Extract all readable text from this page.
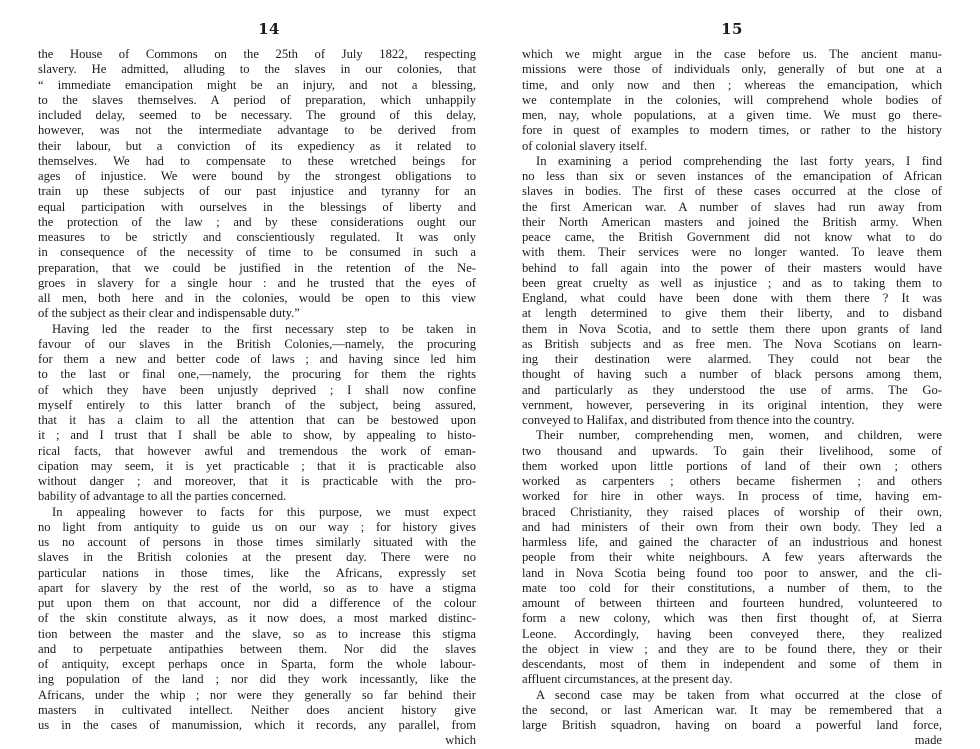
14
the House of Commons on the 25th of July 1822, respecting
slavery. He admitted, alluding to the slaves in our colonies, that
“ immediate emancipation might be an injury, and not a blessing,
to the slaves themselves. A period of preparation, which unhappily
included delay, seemed to be necessary. The ground of this delay,
however, was not the intermediate advantage to be derived from
their labour, but a conviction of its expediency as it related to
themselves. We had to compensate to these wretched beings for
ages of injustice. We were bound by the strongest obligations to
train up these subjects of our past injustice and tyranny for an
equal participation with ourselves in the blessings of liberty and
the protection of the law ; and by these considerations ought our
measures to be strictly and conscientiously regulated. It was only
in consequence of the necessity of time to be consumed in such a
preparation, that we could be justified in the retention of the Ne-
groes in slavery for a single hour : and he trusted that the eyes of
all men, both here and in the colonies, would be open to this view
of the subject as their clear and indispensable duty.”
Having led the reader to the first necessary step to be taken in
favour of our slaves in the British Colonies,—namely, the procuring
for them a new and better code of laws ; and having since led him
to the last or final one,—namely, the procuring for them the rights
of which they have been unjustly deprived ; I shall now confine
myself entirely to this latter branch of the subject, being assured,
that it has a claim to all the attention that can be bestowed upon
it ; and I trust that I shall be able to show, by appealing to histo-
rical facts, that however awful and tremendous the work of eman-
cipation may seem, it is yet practicable ; that it is practicable also
without danger ; and moreover, that it is practicable with the pro-
bability of advantage to all the parties concerned.
In appealing however to facts for this purpose, we must expect
no light from antiquity to guide us on our way ; for history gives
us no account of persons in those times similarly situated with the
slaves in the British colonies at the present day. There were no
particular nations in those times, like the Africans, expressly set
apart for slavery by the rest of the world, so as to have a stigma
put upon them on that account, nor did a difference of the colour
of the skin constitute always, as it now does, a most marked distinc-
tion between the master and the slave, so as to increase this stigma
and to perpetuate antipathies between them. Nor did the slaves
of antiquity, except perhaps once in Sparta, form the whole labour-
ing population of the land ; nor did they work incessantly, like the
Africans, under the whip ; nor were they generally so far behind their
masters in cultivated intellect. Neither does ancient history give
us in the cases of manumission, which it records, any parallel, from
which
15
which we might argue in the case before us. The ancient manu-
missions were those of individuals only, generally of but one at a
time, and only now and then ; whereas the emancipation, which
we contemplate in the colonies, will comprehend whole bodies of
men, nay, whole populations, at a given time. We must go there-
fore in quest of examples to modern times, or rather to the history
of colonial slavery itself.
In examining a period comprehending the last forty years, I find
no less than six or seven instances of the emancipation of African
slaves in bodies. The first of these cases occurred at the close of
the first American war. A number of slaves had run away from
their North American masters and joined the British army. When
peace came, the British Government did not know what to do
with them. Their services were no longer wanted. To leave them
behind to fall again into the power of their masters would have
been great cruelty as well as injustice ; and as to taking them to
England, what could have been done with them there ? It was
at length determined to give them their liberty, and to disband
them in Nova Scotia, and to settle them there upon grants of land
as British subjects and as free men. The Nova Scotians on learn-
ing their destination were alarmed. They could not bear the
thought of having such a number of black persons among them,
and particularly as they understood the use of arms. The Go-
vernment, however, persevering in its original intention, they were
conveyed to Halifax, and distributed from thence into the country.
Their number, comprehending men, women, and children, were
two thousand and upwards. To gain their livelihood, some of
them worked upon little portions of land of their own ; others
worked as carpenters ; others became fishermen ; and others
worked for hire in other ways. In process of time, having em-
braced Christianity, they raised places of worship of their own,
and had ministers of their own from their own body. They led a
harmless life, and gained the character of an industrious and honest
people from their white neighbours. A few years afterwards the
land in Nova Scotia being found too poor to answer, and the cli-
mate too cold for their constitutions, a number of them, to the
amount of between thirteen and fourteen hundred, volunteered to
form a new colony, which was then first thought of, at Sierra
Leone. Accordingly, having been conveyed there, they realized
the object in view ; and they are to be found there, they or their
descendants, most of them in independent and some of them in
affluent circumstances, at the present day.
A second case may be taken from what occurred at the close of
the second, or last American war. It may be remembered that a
large British squadron, having on board a powerful land force,
made
